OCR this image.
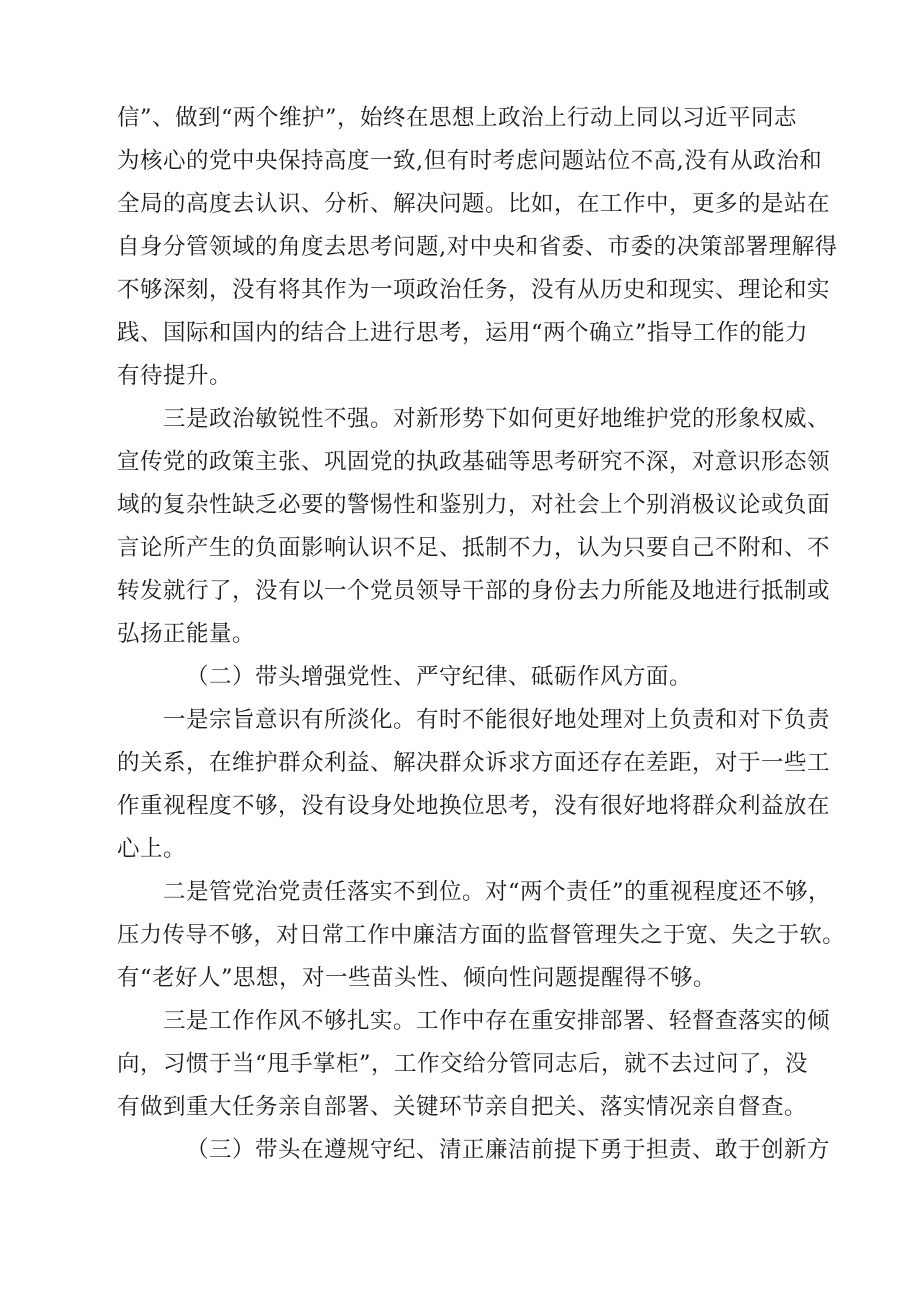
信”、做到“两个维护”，始终在思想上政治上行动上同以习近平同志
为核心的党中央保持高度一致,但有时考虑问题站位不高,没有从政治和
全局的高度去认识、分析、解决问题。比如，在工作中，更多的是站在
自身分管领域的角度去思考问题,对中央和省委、市委的决策部署理解得
不够深刻，没有将其作为一项政治任务，没有从历史和现实、理论和实
践、国际和国内的结合上进行思考，运用“两个确立”指导工作的能力
有待提升。
三是政治敏锐性不强。对新形势下如何更好地维护党的形象权威、
宣传党的政策主张、巩固党的执政基础等思考研究不深，对意识形态领
域的复杂性缺乏必要的警惕性和鉴别力，对社会上个别消极议论或负面
言论所产生的负面影响认识不足、抵制不力，认为只要自己不附和、不
转发就行了，没有以一个党员领导干部的身份去力所能及地进行抵制或
弘扬正能量。
（二）带头增强党性、严守纪律、砥砺作风方面。
一是宗旨意识有所淡化。有时不能很好地处理对上负责和对下负责
的关系，在维护群众利益、解决群众诉求方面还存在差距，对于一些工
作重视程度不够，没有设身处地换位思考，没有很好地将群众利益放在
心上。
二是管党治党责任落实不到位。对“两个责任”的重视程度还不够，
压力传导不够，对日常工作中廉洁方面的监督管理失之于宽、失之于软。
有“老好人”思想，对一些苗头性、倾向性问题提醒得不够。
三是工作作风不够扎实。工作中存在重安排部署、轻督查落实的倾
向，习惯于当“甩手掌柜”，工作交给分管同志后，就不去过问了，没
有做到重大任务亲自部署、关键环节亲自把关、落实情况亲自督查。
（三）带头在遵规守纪、清正廉洁前提下勇于担责、敢于创新方
